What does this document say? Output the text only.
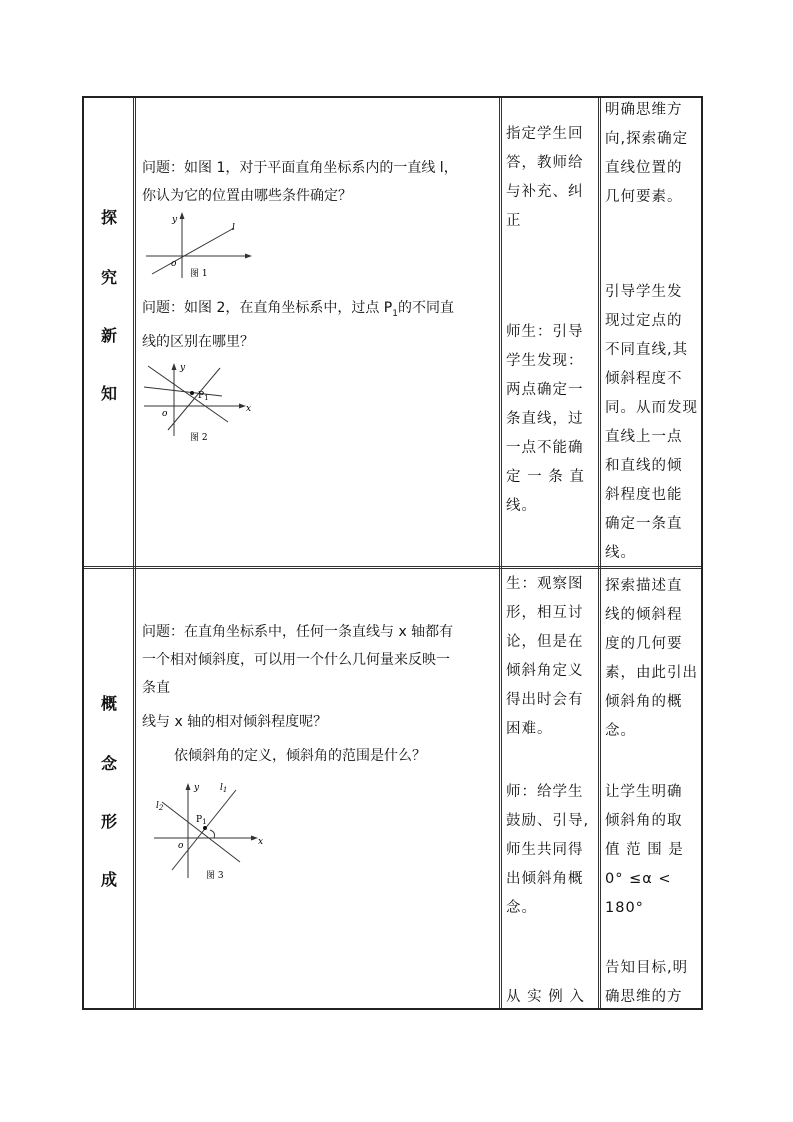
探
究
新
知
问题：如图 1，对于平面直角坐标系内的一直线 l，
你认为它的位置由哪些条件确定？
y
o
l
图 1
问题：如图 2，在直角坐标系中，过点 $P_1$的不同直
线的区别在哪里？
y
x
o
$P_1$
图 2
指定学生回
答，教师给
与补充、纠
正
师生：引导
学生发现：
两点确定一
条直线，过
一点不能确
定 一 条 直
线。
明确思维方
向,探索确定
直线位置的
几何要素。
引导学生发
现过定点的
不同直线,其
倾斜程度不
同。从而发现
直线上一点
和直线的倾
斜程度也能
确定一条直
线。
概
念
形
成
问题：在直角坐标系中，任何一条直线与 x 轴都有
一个相对倾斜度，可以用一个什么几何量来反映一
条直
线与 x 轴的相对倾斜程度呢？
依倾斜角的定义，倾斜角的范围是什么？
y
x
o
$l_1$
$l_2$
$P_1$
图 3
生：观察图
形，相互讨
论，但是在
倾斜角定义
得出时会有
困难。
师：给学生
鼓励、引导,
师生共同得
出倾斜角概
念。
从 实 例 入
探索描述直
线的倾斜程
度的几何要
素，由此引出
倾斜角的概
念。
让学生明确
倾斜角的取
值 范 围 是
0° ≤α <
180°
告知目标,明
确思维的方
